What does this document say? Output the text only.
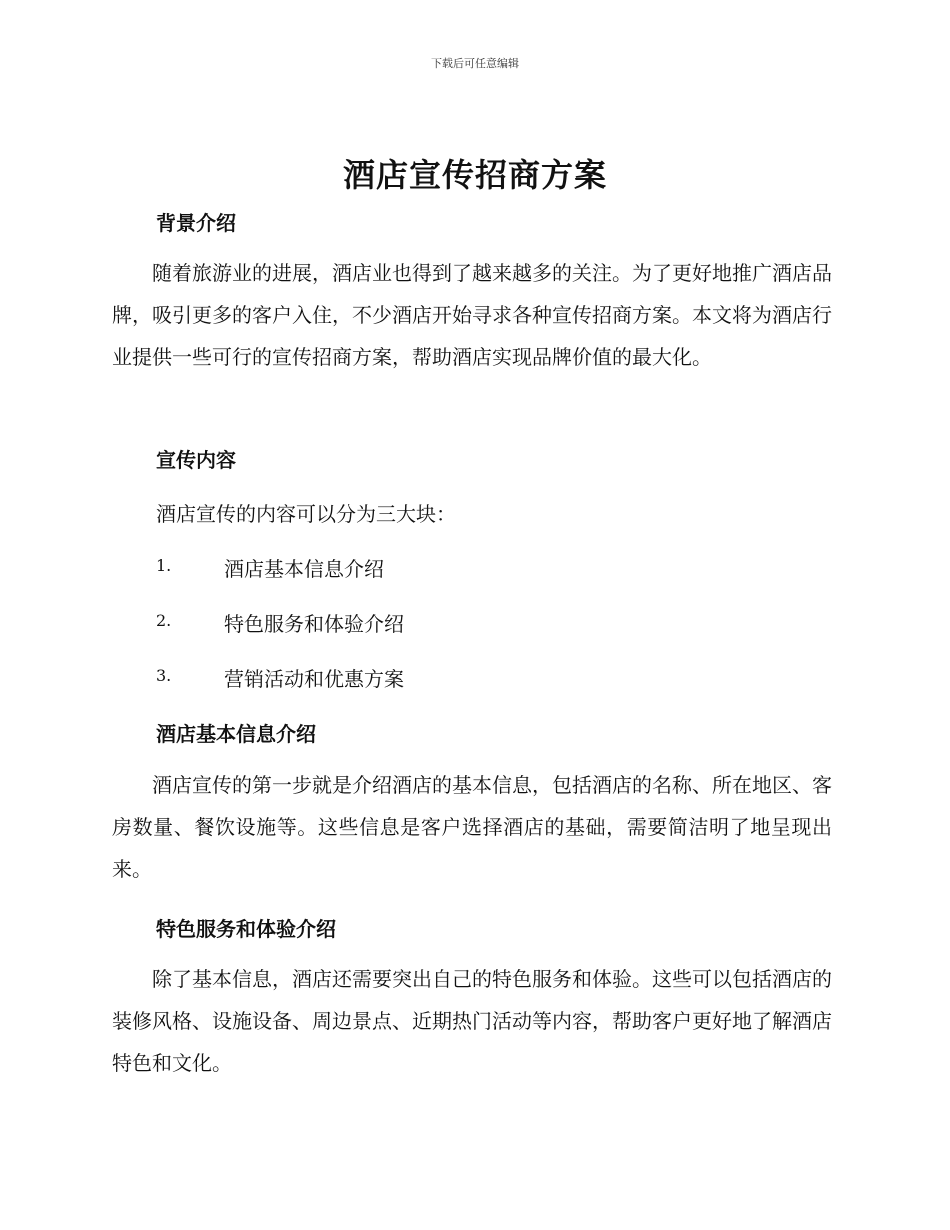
下载后可任意编辑
酒店宣传招商方案
背景介绍
随着旅游业的进展，酒店业也得到了越来越多的关注。为了更好地推广酒店品牌，吸引更多的客户入住，不少酒店开始寻求各种宣传招商方案。本文将为酒店行业提供一些可行的宣传招商方案，帮助酒店实现品牌价值的最大化。
宣传内容
酒店宣传的内容可以分为三大块：
1.	酒店基本信息介绍
2.	特色服务和体验介绍
3.	营销活动和优惠方案
酒店基本信息介绍
酒店宣传的第一步就是介绍酒店的基本信息，包括酒店的名称、所在地区、客房数量、餐饮设施等。这些信息是客户选择酒店的基础，需要简洁明了地呈现出来。
特色服务和体验介绍
除了基本信息，酒店还需要突出自己的特色服务和体验。这些可以包括酒店的装修风格、设施设备、周边景点、近期热门活动等内容，帮助客户更好地了解酒店特色和文化。
